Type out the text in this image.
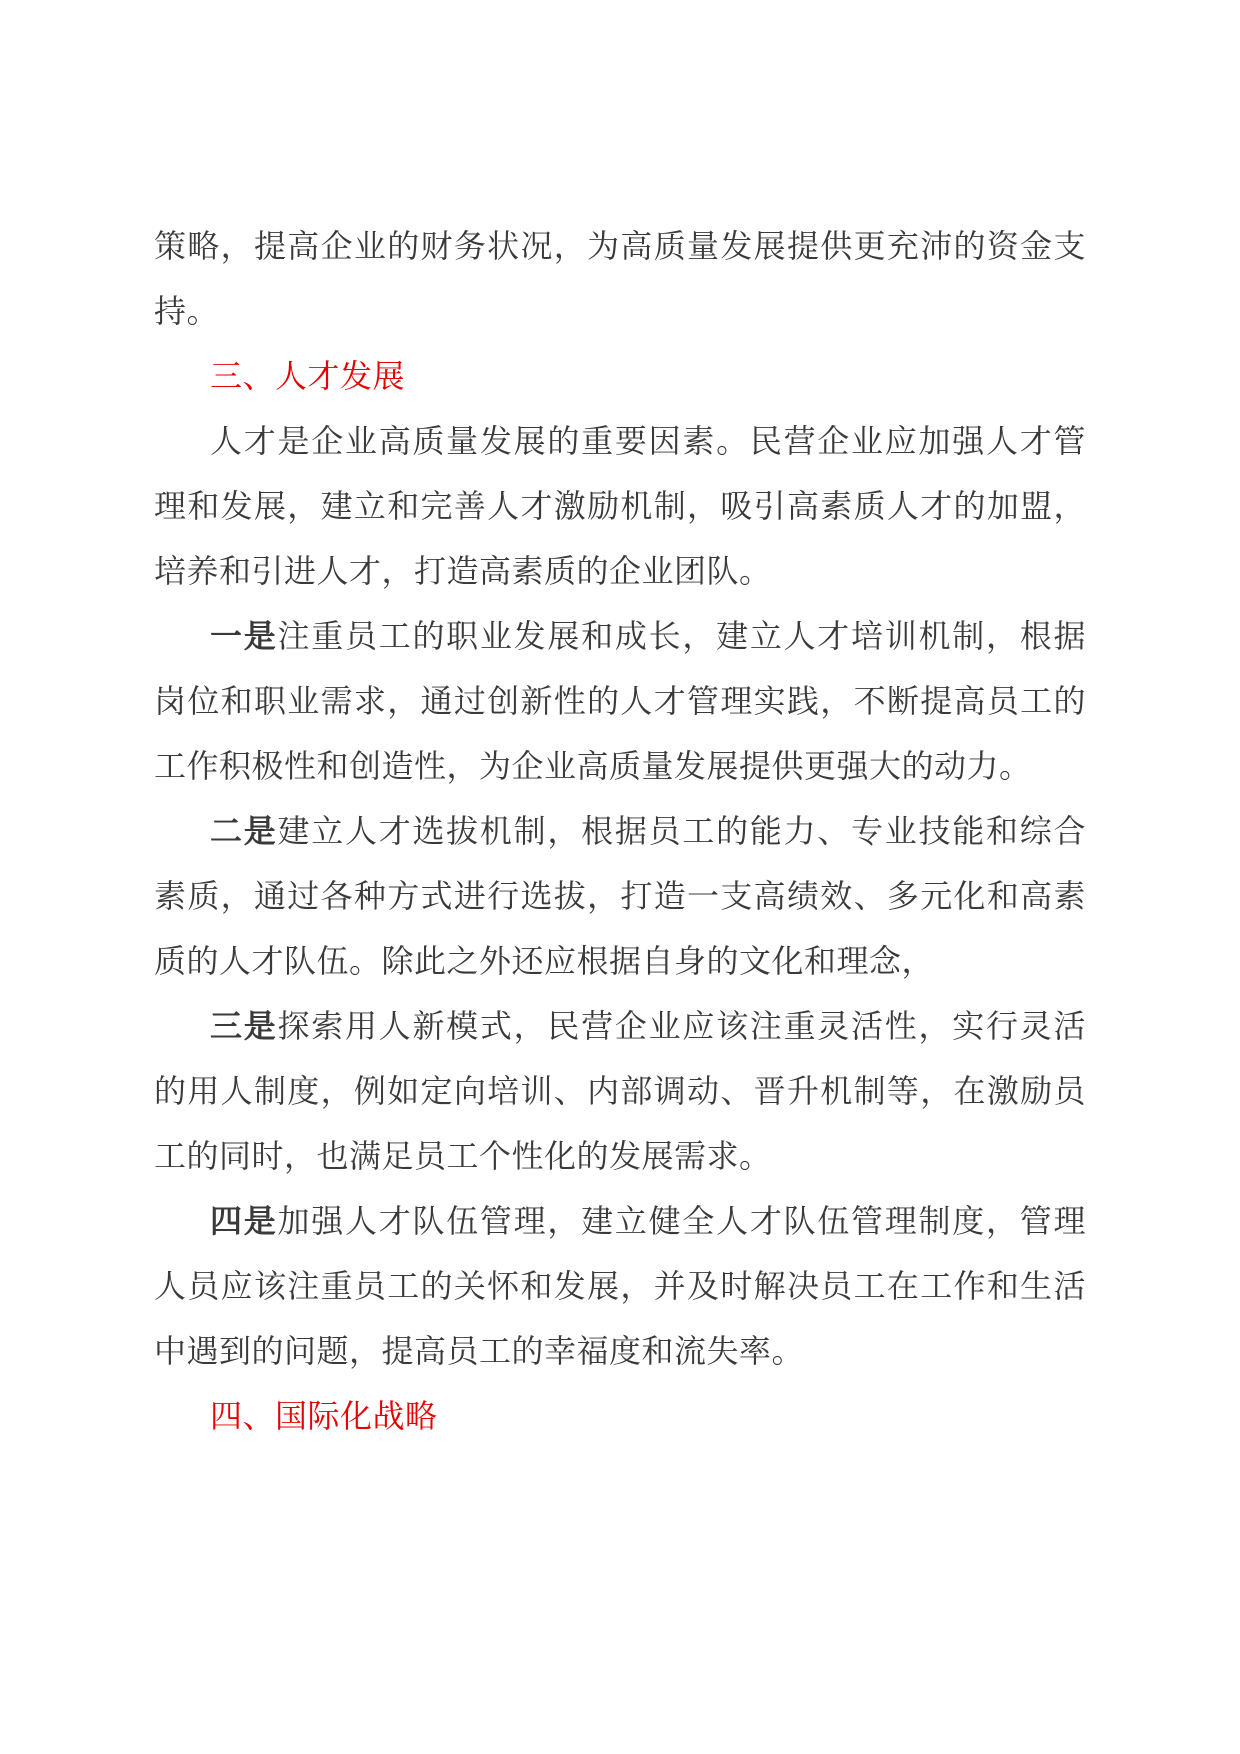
策略，提高企业的财务状况，为高质量发展提供更充沛的资金支持。

三、人才发展

人才是企业高质量发展的重要因素。民营企业应加强人才管理和发展，建立和完善人才激励机制，吸引高素质人才的加盟，培养和引进人才，打造高素质的企业团队。

一是注重员工的职业发展和成长，建立人才培训机制，根据岗位和职业需求，通过创新性的人才管理实践，不断提高员工的工作积极性和创造性，为企业高质量发展提供更强大的动力。

二是建立人才选拔机制，根据员工的能力、专业技能和综合素质，通过各种方式进行选拔，打造一支高绩效、多元化和高素质的人才队伍。除此之外还应根据自身的文化和理念，

三是探索用人新模式，民营企业应该注重灵活性，实行灵活的用人制度，例如定向培训、内部调动、晋升机制等，在激励员工的同时，也满足员工个性化的发展需求。

四是加强人才队伍管理，建立健全人才队伍管理制度，管理人员应该注重员工的关怀和发展，并及时解决员工在工作和生活中遇到的问题，提高员工的幸福度和流失率。

四、国际化战略
